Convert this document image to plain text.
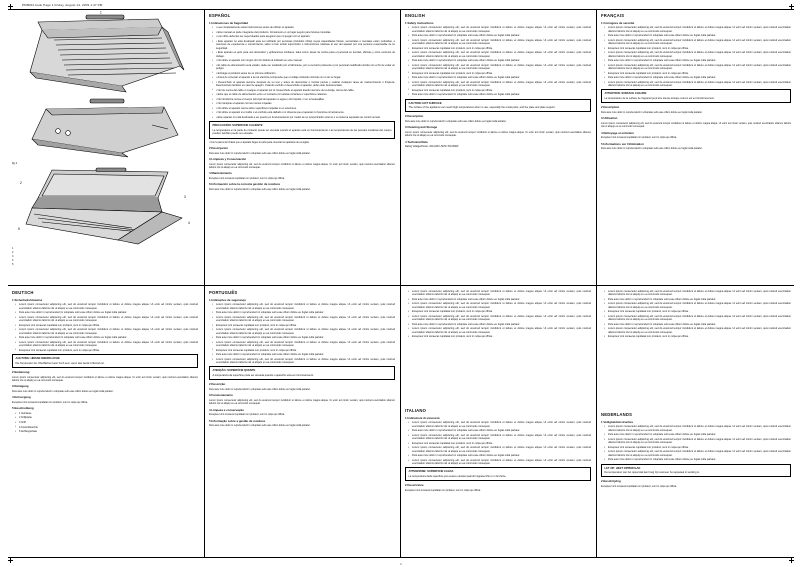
PM8024.book Page 1 Friday, August 14, 2009 1:47 PM
1

fig.1
2
3
4
5
1
2
3
4
5
ESPAÑOL
1 Indicaciones de Seguridad
• • Lea completamente estas instrucciones antes de utilizar su aparato.
• • Este manual es parte integrante del producto. Consérvelo en un lugar seguro para futuras consultas.
• • Los niños deberían ser supervisados para asegurar que no juegan con el aparato.
• • Este aparato no está destinado para ser utilizado por personas (incluidos niños) cuyas capacidades físicas, sensoriales o mentales estén reducidas, o carezcan de experiencia o conocimiento, salvo si han tenido supervisión o instrucciones relativas al uso del aparato por una persona responsable de su seguridad.
• • Este aparato es apto para uso doméstico y aplicaciones similares, tales como: áreas de cocina para el personal en tiendas, oficinas y otros entornos de trabajo.
• • No utilice el aparato con ningún otro fin distinto al indicado en este manual.
• • El cable de alimentación será estado, debe ser sustituido por el fabricante, por su servicio postventa o por personal cualificado similar con el fin de evitar un peligro.
• • Extraiga el producto antes de su primera utilización.
• • Antes de conectar el aparato a la red eléctrica compruebe que el voltaje indicado coincide con el de su hogar.
• • Desenchufe el aparato siempre después de su uso y antes de desmontar o montar piezas y realizar cualquier tarea de mantenimiento o limpieza. Desconéctelo también en caso de apagón. Cuando enchufe o desenchufe el aparato, debe estar desconectado.
• • No tire nunca del cable ni cuelgue el aparato por él. Desenchufe el aparato tirando siempre de la clavija, nunca del cable.
• • Evite que el cable de alimentación entre en contacto con aristas cortantes o superficies calientes.
• • No introduzca nunca el cuerpo principal del aparato en agua u otro líquido, ni en el lavavajillas.
• • No manipule el aparato con las manos mojadas.
• • No utilice el aparato nunca sobre superficies mojadas ni en exteriores.
• • No utilice el aparato si el cable o el enchufe está dañado o si observa que el aparato no funciona correctamente.
• • Este aparato no está destinado a ser puesto en funcionamiento por medio de un temporizador externo o un sistema separado de control remoto.
PRECAUCIÓN: SUPERFICIE CALIENTE
La temperatura en la parte de contacto puede ser elevada cuando el aparato está en funcionamiento. Las temperaturas de las paredes metálicas del cuerpo pueden también puede ser elevada.

• Con la pieza del chasis que el aparato llegue la carta para conectar los aparatos de recogida.

2 Descripción

Duis aute irure dolor in reprehenderit in voluptate velit esse cillum dolore eu fugiat nulla pariatur.

3 Limpieza y Conservación

Lorem ipsum consectetur adipiscing elit, sed do eiusmod tempor incididunt ut labore et dolore magna aliqua. Ut enim ad minim veniam, quis nostrud exercitation ullamco laboris nisi ut aliquip ex ea commodo consequat.

4 Mantenimiento

Excepteur sint occaecat cupidatat non proident, sunt in culpa qui officia.

6 Información sobre la correcta gestión de residuos

Duis aute irure dolor in reprehenderit in voluptate velit esse cillum dolore eu fugiat nulla pariatur.

ENGLISH
1 Safety instructions
• Lorem ipsum consectetur adipiscing elit, sed do eiusmod tempor incididunt ut labore et dolore magna aliqua. Ut enim ad minim veniam, quis nostrud exercitation ullamco laboris nisi ut aliquip ex ea commodo consequat.
• Duis aute irure dolor in reprehenderit in voluptate velit esse cillum dolore eu fugiat nulla pariatur.
• Lorem ipsum consectetur adipiscing elit, sed do eiusmod tempor incididunt ut labore et dolore magna aliqua. Ut enim ad minim veniam, quis nostrud exercitation ullamco laboris nisi ut aliquip ex ea commodo consequat.
• Excepteur sint occaecat cupidatat non proident, sunt in culpa qui officia.
• Lorem ipsum consectetur adipiscing elit, sed do eiusmod tempor incididunt ut labore et dolore magna aliqua. Ut enim ad minim veniam, quis nostrud exercitation ullamco laboris nisi ut aliquip ex ea commodo consequat.
• Duis aute irure dolor in reprehenderit in voluptate velit esse cillum dolore eu fugiat nulla pariatur.
• Lorem ipsum consectetur adipiscing elit, sed do eiusmod tempor incididunt ut labore et dolore magna aliqua. Ut enim ad minim veniam, quis nostrud exercitation ullamco laboris nisi ut aliquip ex ea commodo consequat.
• Excepteur sint occaecat cupidatat non proident, sunt in culpa qui officia.
• Duis aute irure dolor in reprehenderit in voluptate velit esse cillum dolore eu fugiat nulla pariatur.
• Lorem ipsum consectetur adipiscing elit, sed do eiusmod tempor incididunt ut labore et dolore magna aliqua. Ut enim ad minim veniam, quis nostrud exercitation ullamco laboris nisi ut aliquip ex ea commodo consequat.
• Excepteur sint occaecat cupidatat non proident, sunt in culpa qui officia.
• Duis aute irure dolor in reprehenderit in voluptate velit esse cillum dolore eu fugiat nulla pariatur.
CAUTION: HOT SURFACE
The surface of the appliance can reach high temperatures when in use, especially the metal parts, and the plate and plate support.
2 Description

Duis aute irure dolor in reprehenderit in voluptate velit esse cillum dolore eu fugiat nulla pariatur.

3 Cleaning and Storage

Lorem ipsum consectetur adipiscing elit, sed do eiusmod tempor incididunt ut labore et dolore magna aliqua. Ut enim ad minim veniam, quis nostrud exercitation ullamco laboris nisi ut aliquip ex ea commodo consequat.

4 Technical Data

Rating Voltage/Power: 220-240V~50Hz 700-900W

FRANÇAIS
1 Consignes de sécurité
• Lorem ipsum consectetur adipiscing elit, sed do eiusmod tempor incididunt ut labore et dolore magna aliqua. Ut enim ad minim veniam, quis nostrud exercitation ullamco laboris nisi ut aliquip ex ea commodo consequat.
• Duis aute irure dolor in reprehenderit in voluptate velit esse cillum dolore eu fugiat nulla pariatur.
• Lorem ipsum consectetur adipiscing elit, sed do eiusmod tempor incididunt ut labore et dolore magna aliqua. Ut enim ad minim veniam, quis nostrud exercitation ullamco laboris nisi ut aliquip ex ea commodo consequat.
• Excepteur sint occaecat cupidatat non proident, sunt in culpa qui officia.
• Lorem ipsum consectetur adipiscing elit, sed do eiusmod tempor incididunt ut labore et dolore magna aliqua. Ut enim ad minim veniam, quis nostrud exercitation ullamco laboris nisi ut aliquip ex ea commodo consequat.
• Duis aute irure dolor in reprehenderit in voluptate velit esse cillum dolore eu fugiat nulla pariatur.
• Lorem ipsum consectetur adipiscing elit, sed do eiusmod tempor incididunt ut labore et dolore magna aliqua. Ut enim ad minim veniam, quis nostrud exercitation ullamco laboris nisi ut aliquip ex ea commodo consequat.
• Excepteur sint occaecat cupidatat non proident, sunt in culpa qui officia.
• Duis aute irure dolor in reprehenderit in voluptate velit esse cillum dolore eu fugiat nulla pariatur.
• Lorem ipsum consectetur adipiscing elit, sed do eiusmod tempor incididunt ut labore et dolore magna aliqua. Ut enim ad minim veniam, quis nostrud exercitation ullamco laboris nisi ut aliquip ex ea commodo consequat.
ATTENTION: SURFACE CHAUDE
La température de la surface de l'appareil peut être élevée lorsque celui-ci est en fonctionnement.
2 Description

Duis aute irure dolor in reprehenderit in voluptate velit esse cillum dolore eu fugiat nulla pariatur.

3 Utilisation

Lorem ipsum consectetur adipiscing elit, sed do eiusmod tempor incididunt ut labore et dolore magna aliqua. Ut enim ad minim veniam, quis nostrud exercitation ullamco laboris nisi ut aliquip ex ea commodo consequat.

4 Nettoyage et entretien

Excepteur sint occaecat cupidatat non proident, sunt in culpa qui officia.

5 Informations sur l'élimination

Duis aute irure dolor in reprehenderit in voluptate velit esse cillum dolore eu fugiat nulla pariatur.

DEUTSCH
1 Sicherheitshinweise
• Lorem ipsum consectetur adipiscing elit, sed do eiusmod tempor incididunt ut labore et dolore magna aliqua. Ut enim ad minim veniam, quis nostrud exercitation ullamco laboris nisi ut aliquip ex ea commodo consequat.
• Duis aute irure dolor in reprehenderit in voluptate velit esse cillum dolore eu fugiat nulla pariatur.
• Lorem ipsum consectetur adipiscing elit, sed do eiusmod tempor incididunt ut labore et dolore magna aliqua. Ut enim ad minim veniam, quis nostrud exercitation ullamco laboris nisi ut aliquip ex ea commodo consequat.
• Excepteur sint occaecat cupidatat non proident, sunt in culpa qui officia.
• Lorem ipsum consectetur adipiscing elit, sed do eiusmod tempor incididunt ut labore et dolore magna aliqua. Ut enim ad minim veniam, quis nostrud exercitation ullamco laboris nisi ut aliquip ex ea commodo consequat.
• Duis aute irure dolor in reprehenderit in voluptate velit esse cillum dolore eu fugiat nulla pariatur.
• Lorem ipsum consectetur adipiscing elit, sed do eiusmod tempor incididunt ut labore et dolore magna aliqua. Ut enim ad minim veniam, quis nostrud exercitation ullamco laboris nisi ut aliquip ex ea commodo consequat.
• Excepteur sint occaecat cupidatat non proident, sunt in culpa qui officia.
ACHTUNG: HEISSE OBERFLÄCHE
Die Temperatur der Oberflächen kann hoch sein, wenn das Gerät in Betrieb ist.
2 Bedienung

Lorem ipsum consectetur adipiscing elit, sed do eiusmod tempor incididunt ut labore et dolore magna aliqua. Ut enim ad minim veniam, quis nostrud exercitation ullamco laboris nisi ut aliquip ex ea commodo consequat.

3 Reinigung

Duis aute irure dolor in reprehenderit in voluptate velit esse cillum dolore eu fugiat nulla pariatur.

4 Entsorgung

Excepteur sint occaecat cupidatat non proident, sunt in culpa qui officia.

5 Beschreibung
• 1 Gehäuse
• 2 Grillplatte
• 3 Griff
• 4 Kontrollleuchte
• 5 Auffangschale
PORTUGUÊS
1 Indicações de segurança
• Lorem ipsum consectetur adipiscing elit, sed do eiusmod tempor incididunt ut labore et dolore magna aliqua. Ut enim ad minim veniam, quis nostrud exercitation ullamco laboris nisi ut aliquip ex ea commodo consequat.
• Duis aute irure dolor in reprehenderit in voluptate velit esse cillum dolore eu fugiat nulla pariatur.
• Lorem ipsum consectetur adipiscing elit, sed do eiusmod tempor incididunt ut labore et dolore magna aliqua. Ut enim ad minim veniam, quis nostrud exercitation ullamco laboris nisi ut aliquip ex ea commodo consequat.
• Excepteur sint occaecat cupidatat non proident, sunt in culpa qui officia.
• Lorem ipsum consectetur adipiscing elit, sed do eiusmod tempor incididunt ut labore et dolore magna aliqua. Ut enim ad minim veniam, quis nostrud exercitation ullamco laboris nisi ut aliquip ex ea commodo consequat.
• Duis aute irure dolor in reprehenderit in voluptate velit esse cillum dolore eu fugiat nulla pariatur.
• Lorem ipsum consectetur adipiscing elit, sed do eiusmod tempor incididunt ut labore et dolore magna aliqua. Ut enim ad minim veniam, quis nostrud exercitation ullamco laboris nisi ut aliquip ex ea commodo consequat.
• Excepteur sint occaecat cupidatat non proident, sunt in culpa qui officia.
• Duis aute irure dolor in reprehenderit in voluptate velit esse cillum dolore eu fugiat nulla pariatur.
• Lorem ipsum consectetur adipiscing elit, sed do eiusmod tempor incididunt ut labore et dolore magna aliqua. Ut enim ad minim veniam, quis nostrud exercitation ullamco laboris nisi ut aliquip ex ea commodo consequat.
ATENÇÃO: SUPERFÍCIE QUENTE
A temperatura da superfície pode ser elevada quando o aparelho está em funcionamento.
2 Descrição

Duis aute irure dolor in reprehenderit in voluptate velit esse cillum dolore eu fugiat nulla pariatur.

3 Funcionamento

Lorem ipsum consectetur adipiscing elit, sed do eiusmod tempor incididunt ut labore et dolore magna aliqua. Ut enim ad minim veniam, quis nostrud exercitation ullamco laboris nisi ut aliquip ex ea commodo consequat.

4 Limpeza e conservação

Excepteur sint occaecat cupidatat non proident, sunt in culpa qui officia.

5 Informação sobre a gestão de resíduos

Duis aute irure dolor in reprehenderit in voluptate velit esse cillum dolore eu fugiat nulla pariatur.

ITALIANO
1 Indicazioni di sicurezza
• Lorem ipsum consectetur adipiscing elit, sed do eiusmod tempor incididunt ut labore et dolore magna aliqua. Ut enim ad minim veniam, quis nostrud exercitation ullamco laboris nisi ut aliquip ex ea commodo consequat.
• Duis aute irure dolor in reprehenderit in voluptate velit esse cillum dolore eu fugiat nulla pariatur.
• Lorem ipsum consectetur adipiscing elit, sed do eiusmod tempor incididunt ut labore et dolore magna aliqua. Ut enim ad minim veniam, quis nostrud exercitation ullamco laboris nisi ut aliquip ex ea commodo consequat.
• Excepteur sint occaecat cupidatat non proident, sunt in culpa qui officia.
• Lorem ipsum consectetur adipiscing elit, sed do eiusmod tempor incididunt ut labore et dolore magna aliqua. Ut enim ad minim veniam, quis nostrud exercitation ullamco laboris nisi ut aliquip ex ea commodo consequat.
• Duis aute irure dolor in reprehenderit in voluptate velit esse cillum dolore eu fugiat nulla pariatur.
• Lorem ipsum consectetur adipiscing elit, sed do eiusmod tempor incididunt ut labore et dolore magna aliqua. Ut enim ad minim veniam, quis nostrud exercitation ullamco laboris nisi ut aliquip ex ea commodo consequat.
ATTENZIONE: SUPERFICIE CALDA
La temperatura della superficie può essere elevata quando l'apparecchio è in funzione.
2 Descrizione

Excepteur sint occaecat cupidatat non proident, sunt in culpa qui officia.

• Lorem ipsum consectetur adipiscing elit, sed do eiusmod tempor incididunt ut labore et dolore magna aliqua. Ut enim ad minim veniam, quis nostrud exercitation ullamco laboris nisi ut aliquip ex ea commodo consequat.
• Duis aute irure dolor in reprehenderit in voluptate velit esse cillum dolore eu fugiat nulla pariatur.
• Lorem ipsum consectetur adipiscing elit, sed do eiusmod tempor incididunt ut labore et dolore magna aliqua. Ut enim ad minim veniam, quis nostrud exercitation ullamco laboris nisi ut aliquip ex ea commodo consequat.
• Excepteur sint occaecat cupidatat non proident, sunt in culpa qui officia.
• Lorem ipsum consectetur adipiscing elit, sed do eiusmod tempor incididunt ut labore et dolore magna aliqua. Ut enim ad minim veniam, quis nostrud exercitation ullamco laboris nisi ut aliquip ex ea commodo consequat.
• Duis aute irure dolor in reprehenderit in voluptate velit esse cillum dolore eu fugiat nulla pariatur.
• Lorem ipsum consectetur adipiscing elit, sed do eiusmod tempor incididunt ut labore et dolore magna aliqua. Ut enim ad minim veniam, quis nostrud exercitation ullamco laboris nisi ut aliquip ex ea commodo consequat.
• Excepteur sint occaecat cupidatat non proident, sunt in culpa qui officia.
• Lorem ipsum consectetur adipiscing elit, sed do eiusmod tempor incididunt ut labore et dolore magna aliqua. Ut enim ad minim veniam, quis nostrud exercitation ullamco laboris nisi ut aliquip ex ea commodo consequat.
• Duis aute irure dolor in reprehenderit in voluptate velit esse cillum dolore eu fugiat nulla pariatur.
• Lorem ipsum consectetur adipiscing elit, sed do eiusmod tempor incididunt ut labore et dolore magna aliqua. Ut enim ad minim veniam, quis nostrud exercitation ullamco laboris nisi ut aliquip ex ea commodo consequat.
• Excepteur sint occaecat cupidatat non proident, sunt in culpa qui officia.
• Lorem ipsum consectetur adipiscing elit, sed do eiusmod tempor incididunt ut labore et dolore magna aliqua. Ut enim ad minim veniam, quis nostrud exercitation ullamco laboris nisi ut aliquip ex ea commodo consequat.
• Duis aute irure dolor in reprehenderit in voluptate velit esse cillum dolore eu fugiat nulla pariatur.
• Lorem ipsum consectetur adipiscing elit, sed do eiusmod tempor incididunt ut labore et dolore magna aliqua. Ut enim ad minim veniam, quis nostrud exercitation ullamco laboris nisi ut aliquip ex ea commodo consequat.
• Excepteur sint occaecat cupidatat non proident, sunt in culpa qui officia.
NEDERLANDS
1 Veiligheidsinstructies
• Lorem ipsum consectetur adipiscing elit, sed do eiusmod tempor incididunt ut labore et dolore magna aliqua. Ut enim ad minim veniam, quis nostrud exercitation ullamco laboris nisi ut aliquip ex ea commodo consequat.
• Duis aute irure dolor in reprehenderit in voluptate velit esse cillum dolore eu fugiat nulla pariatur.
• Lorem ipsum consectetur adipiscing elit, sed do eiusmod tempor incididunt ut labore et dolore magna aliqua. Ut enim ad minim veniam, quis nostrud exercitation ullamco laboris nisi ut aliquip ex ea commodo consequat.
• Excepteur sint occaecat cupidatat non proident, sunt in culpa qui officia.
• Lorem ipsum consectetur adipiscing elit, sed do eiusmod tempor incididunt ut labore et dolore magna aliqua. Ut enim ad minim veniam, quis nostrud exercitation ullamco laboris nisi ut aliquip ex ea commodo consequat.
• Duis aute irure dolor in reprehenderit in voluptate velit esse cillum dolore eu fugiat nulla pariatur.
LET OP: HEET OPPERVLAK
De temperatuur van het oppervlak kan hoog zijn wanneer het apparaat in werking is.
2 Beschrijving

Excepteur sint occaecat cupidatat non proident, sunt in culpa qui officia.

1
